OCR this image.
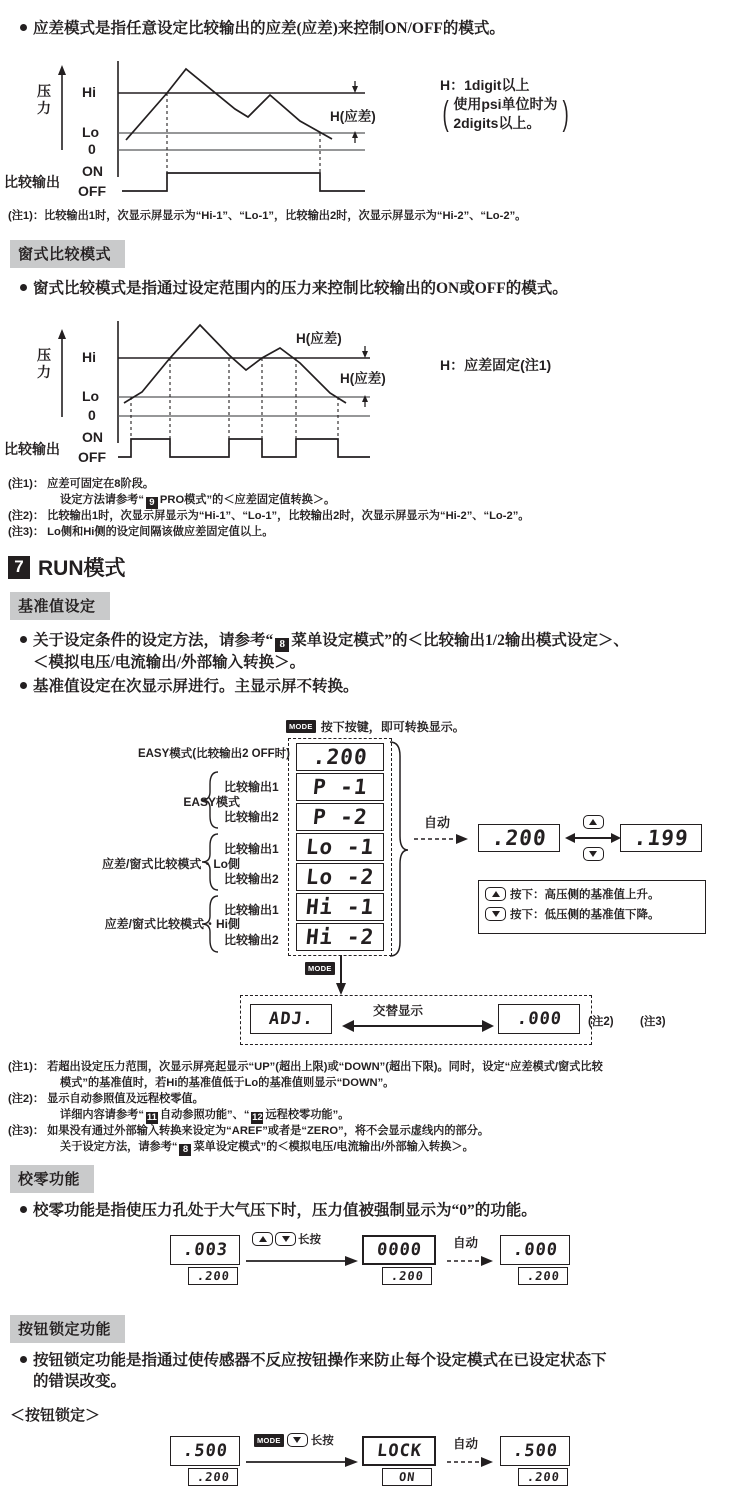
应差模式是指任意设定比较输出的应差(应差)来控制ON/OFF的模式。
压力
Hi
Lo
0
比较输出
ON
OFF
H(应差)
H：1digit以上
( 使用psi单位时为
2digits以上。 )
(注1)：比较输出1时，次显示屏显示为“Hi-1”、“Lo-1”，比较输出2时，次显示屏显示为“Hi-2”、“Lo-2”。
窗式比较模式
窗式比较模式是指通过设定范围内的压力来控制比较输出的ON或OFF的模式。
压力
Hi
Lo
0
比较输出
ON
OFF
H(应差)
H(应差)
H：应差固定(注1)
(注1)： 应差可固定在8阶段。
设定方法请参考“ 9 PRO模式”的＜应差固定值转换＞。
(注2)： 比较输出1时，次显示屏显示为“Hi-1”、“Lo-1”，比较输出2时，次显示屏显示为“Hi-2”、“Lo-2”。
(注3)： Lo侧和Hi侧的设定间隔该做应差固定值以上。
7 RUN模式
基准值设定
关于设定条件的设定方法，请参考“ 8 菜单设定模式”的＜比较输出1/2输出模式设定＞、
＜模拟电压/电流输出/外部输入转换＞。
基准值设定在次显示屏进行。主显示屏不转换。
MODE 按下按键，即可转换显示。
.200
P -1
P -2
Lo -1
Lo -2
Hi -1
Hi -2
EASY模式(比较输出2 OFF时)
EASY模式
应差/窗式比较模式・Lo側
应差/窗式比较模式・Hi側
比较输出1
比较输出2
比较输出1
比较输出2
比较输出1
比较输出2
自动
.200	.199
按下：高压侧的基准值上升。
按下：低压侧的基准值下降。
MODE
ADJ.	交替显示	.000 (注2) (注3)
(注1)： 若超出设定压力范围，次显示屏亮起显示“UP”(超出上限)或“DOWN”(超出下限)。同时，设定“应差模式/窗式比较
模式”的基准值时，若Hi的基准值低于Lo的基准值则显示“DOWN”。
(注2)： 显示自动参照值及远程校零值。
详细内容请参考“ 11 自动参照功能”、“ 12 远程校零功能”。
(注3)： 如果没有通过外部输入转换来设定为“AREF”或者是“ZERO”，将不会显示虚线内的部分。
关于设定方法，请参考“ 8 菜单设定模式”的＜模拟电压/电流输出/外部输入转换＞。
校零功能
校零功能是指使压力孔处于大气压下时，压力值被强制显示为“0”的功能。
.003
.200
长按	0000
.200
自动 .000
.200
按钮锁定功能
按钮锁定功能是指通过使传感器不反应按钮操作来防止每个设定模式在已设定状态下
的错误改变。
＜按钮锁定＞
.500
.200
MODE	长按 LOCK
ON
自动 .500
.200
